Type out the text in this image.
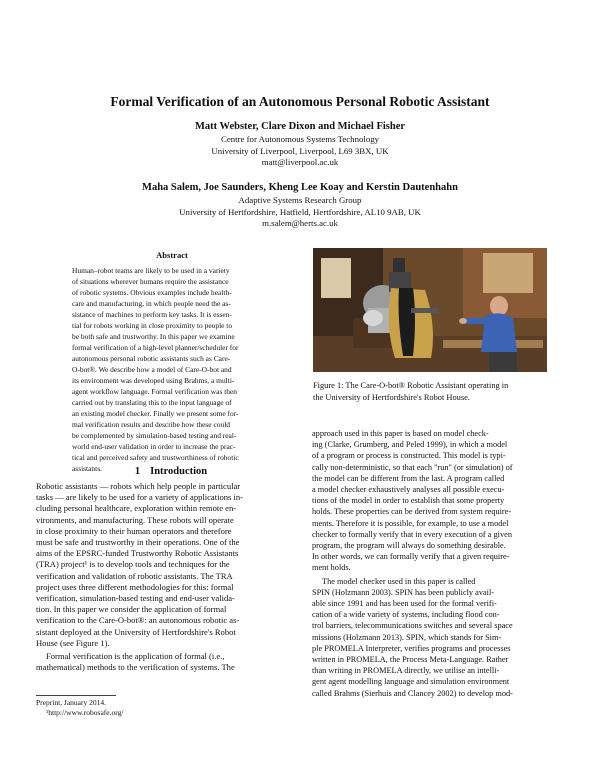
Formal Verification of an Autonomous Personal Robotic Assistant
Matt Webster, Clare Dixon and Michael Fisher
Centre for Autonomous Systems Technology
University of Liverpool, Liverpool, L69 3BX, UK
matt@liverpool.ac.uk
Maha Salem, Joe Saunders, Kheng Lee Koay and Kerstin Dautenhahn
Adaptive Systems Research Group
University of Hertfordshire, Hatfield, Hertfordshire, AL10 9AB, UK
m.salem@herts.ac.uk
Abstract
Human–robot teams are likely to be used in a variety
of situations wherever humans require the assistance
of robotic systems. Obvious examples include health-
care and manufacturing, in which people need the as-
sistance of machines to perform key tasks. It is essen-
tial for robots working in close proximity to people to
be both safe and trustworthy. In this paper we examine
formal verification of a high-level planner/scheduler for
autonomous personal robotic assistants such as Care-
O-bot®. We describe how a model of Care-O-bot and
its environment was developed using Brahms, a multi-
agent workflow language. Formal verification was then
carried out by translating this to the input language of
an existing model checker. Finally we present some for-
mal verification results and describe how these could
be complemented by simulation-based testing and real-
world end-user validation in order to increase the prac-
tical and perceived safety and trustworthiness of robotic
assistants.	1 Introduction
Robotic assistants — robots which help people in particular
tasks — are likely to be used for a variety of applications in-
cluding personal healthcare, exploration within remote en-
vironments, and manufacturing. These robots will operate
in close proximity to their human operators and therefore
must be safe and trustworthy in their operations. One of the
aims of the EPSRC-funded Trustworthy Robotic Assistants
(TRA) project¹ is to develop tools and techniques for the
verification and validation of robotic assistants. The TRA
project uses three different methodologies for this: formal
verification, simulation-based testing and end-user valida-
tion. In this paper we consider the application of formal
verification to the Care-O-bot®: an autonomous robotic as-
sistant deployed at the University of Hertfordshire's Robot
House (see Figure 1).
Formal verification is the application of formal (i.e.,
mathematical) methods to the verification of systems. The
Preprint, January 2014.
¹http://www.robosafe.org/
Figure 1: The Care-O-bot® Robotic Assistant operating in
the University of Hertfordshire's Robot House.
approach used in this paper is based on model check-
ing (Clarke, Grumberg, and Peled 1999), in which a model
of a program or process is constructed. This model is typi-
cally non-deterministic, so that each "run" (or simulation) of
the model can be different from the last. A program called
a model checker exhaustively analyses all possible execu-
tions of the model in order to establish that some property
holds. These properties can be derived from system require-
ments. Therefore it is possible, for example, to use a model
checker to formally verify that in every execution of a given
program, the program will always do something desirable.
In other words, we can formally verify that a given require-
ment holds.
The model checker used in this paper is called
SPIN (Holzmann 2003). SPIN has been publicly avail-
able since 1991 and has been used for the formal verifi-
cation of a wide variety of systems, including flood con-
trol barriers, telecommunications switches and several space
missions (Holzmann 2013). SPIN, which stands for Sim-
ple PROMELA Interpreter, verifies programs and processes
written in PROMELA, the Process Meta-Language. Rather
than writing in PROMELA directly, we utilise an intelli-
gent agent modelling language and simulation environment
called Brahms (Sierhuis and Clancey 2002) to develop mod-
